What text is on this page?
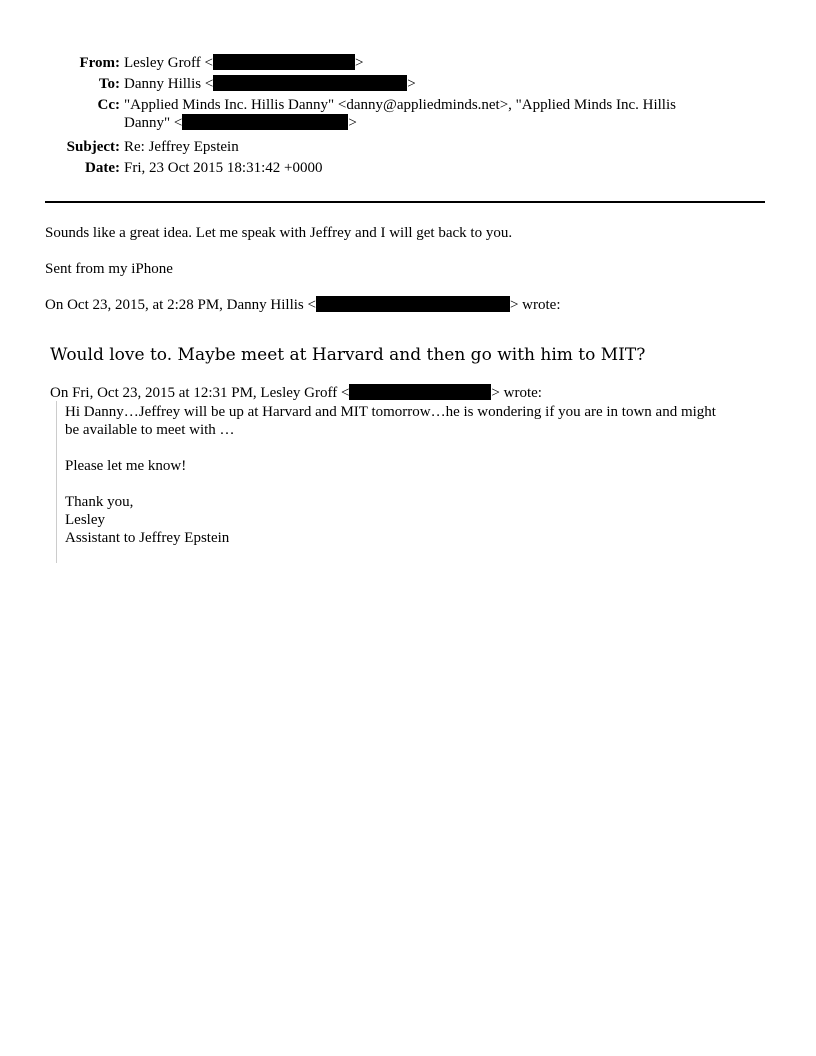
From: Lesley Groff <	>
To: Danny Hillis <	>
Cc: "Applied Minds Inc. Hillis Danny" <danny@appliedminds.net>, "Applied Minds Inc. Hillis
Danny" <	>
Subject: Re: Jeffrey Epstein
Date: Fri, 23 Oct 2015 18:31:42 +0000
Sounds like a great idea. Let me speak with Jeffrey and I will get back to you.
Sent from my iPhone
On Oct 23, 2015, at 2:28 PM, Danny Hillis <	> wrote:
Would love to. Maybe meet at Harvard and then go with him to MIT?
On Fri, Oct 23, 2015 at 12:31 PM, Lesley Groff <	> wrote:
Hi Danny…Jeffrey will be up at Harvard and MIT tomorrow…he is wondering if you are in town and might
be available to meet with …
Please let me know!
Thank you,
Lesley
Assistant to Jeffrey Epstein
